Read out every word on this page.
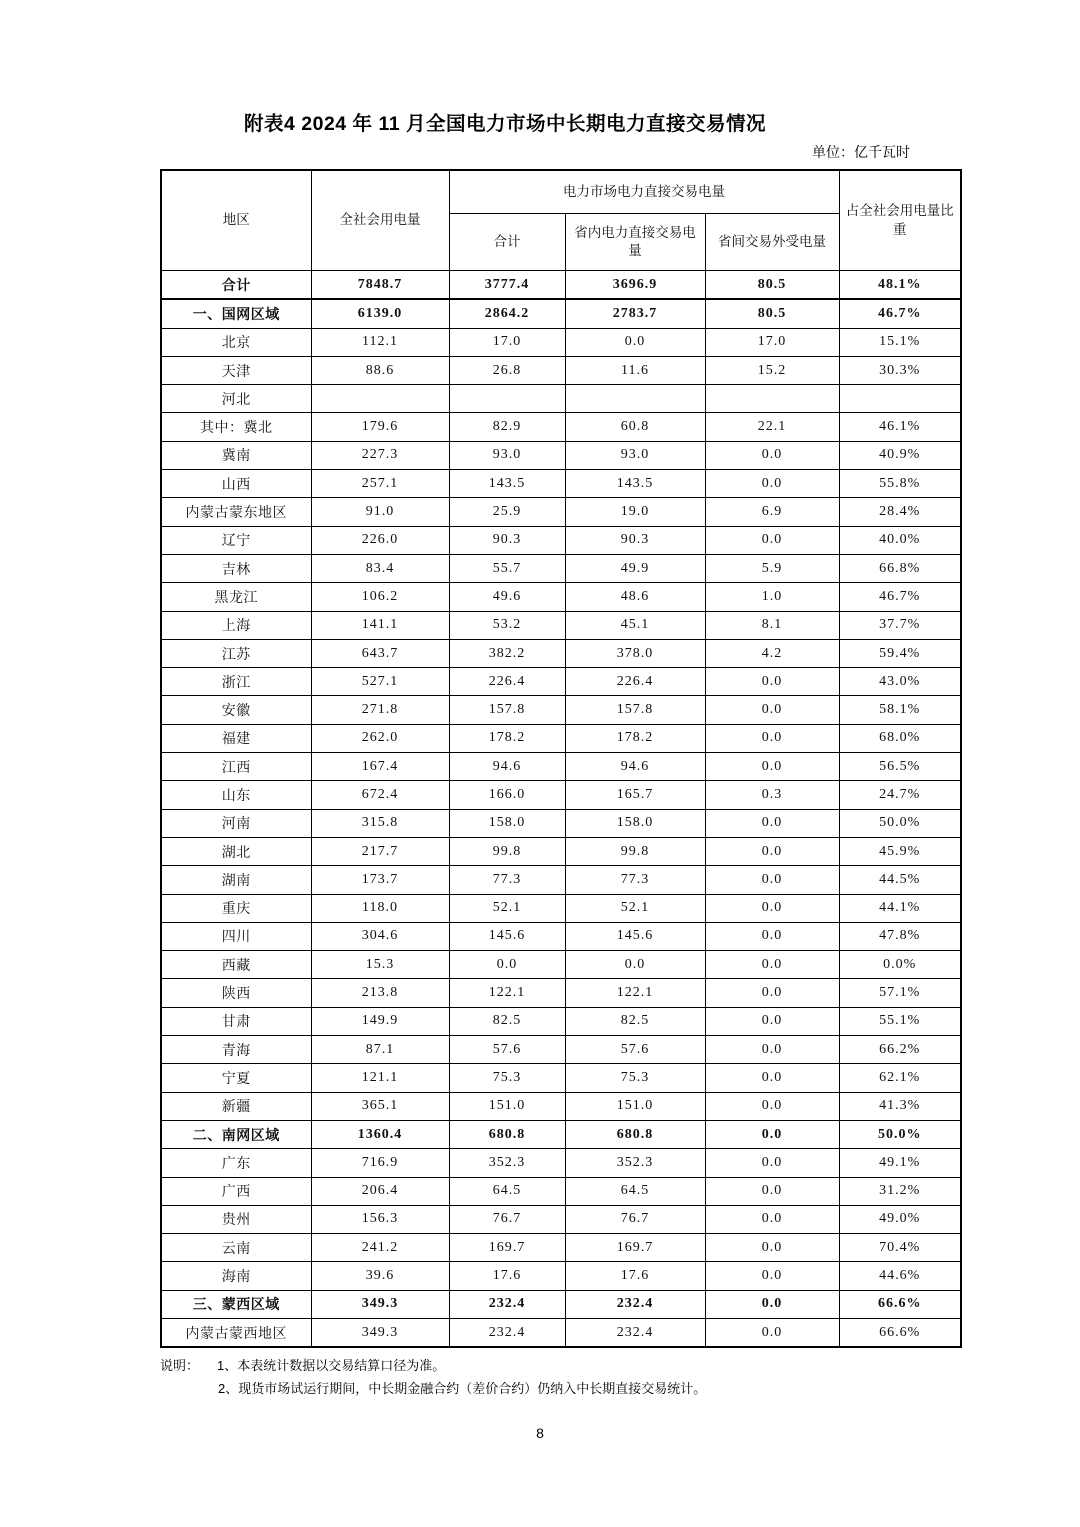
附表4 2024 年 11 月全国电力市场中长期电力直接交易情况
单位：亿千瓦时
地区	全社会用电量	电力市场电力直接交易电量			占全社会用电量比重
		合计	省内电力直接交易电量	省间交易外受电量	
合计	7848.7	3777.4	3696.9	80.5	48.1%
一、国网区域	6139.0	2864.2	2783.7	80.5	46.7%
北京	112.1	17.0	0.0	17.0	15.1%
天津	88.6	26.8	11.6	15.2	30.3%
河北					
其中：冀北	179.6	82.9	60.8	22.1	46.1%
冀南	227.3	93.0	93.0	0.0	40.9%
山西	257.1	143.5	143.5	0.0	55.8%
内蒙古蒙东地区	91.0	25.9	19.0	6.9	28.4%
辽宁	226.0	90.3	90.3	0.0	40.0%
吉林	83.4	55.7	49.9	5.9	66.8%
黑龙江	106.2	49.6	48.6	1.0	46.7%
上海	141.1	53.2	45.1	8.1	37.7%
江苏	643.7	382.2	378.0	4.2	59.4%
浙江	527.1	226.4	226.4	0.0	43.0%
安徽	271.8	157.8	157.8	0.0	58.1%
福建	262.0	178.2	178.2	0.0	68.0%
江西	167.4	94.6	94.6	0.0	56.5%
山东	672.4	166.0	165.7	0.3	24.7%
河南	315.8	158.0	158.0	0.0	50.0%
湖北	217.7	99.8	99.8	0.0	45.9%
湖南	173.7	77.3	77.3	0.0	44.5%
重庆	118.0	52.1	52.1	0.0	44.1%
四川	304.6	145.6	145.6	0.0	47.8%
西藏	15.3	0.0	0.0	0.0	0.0%
陕西	213.8	122.1	122.1	0.0	57.1%
甘肃	149.9	82.5	82.5	0.0	55.1%
青海	87.1	57.6	57.6	0.0	66.2%
宁夏	121.1	75.3	75.3	0.0	62.1%
新疆	365.1	151.0	151.0	0.0	41.3%
二、南网区域	1360.4	680.8	680.8	0.0	50.0%
广东	716.9	352.3	352.3	0.0	49.1%
广西	206.4	64.5	64.5	0.0	31.2%
贵州	156.3	76.7	76.7	0.0	49.0%
云南	241.2	169.7	169.7	0.0	70.4%
海南	39.6	17.6	17.6	0.0	44.6%
三、蒙西区域	349.3	232.4	232.4	0.0	66.6%
内蒙古蒙西地区	349.3	232.4	232.4	0.0	66.6%
说明： 1、本表统计数据以交易结算口径为准。
2、现货市场试运行期间，中长期金融合约（差价合约）仍纳入中长期直接交易统计。
8
